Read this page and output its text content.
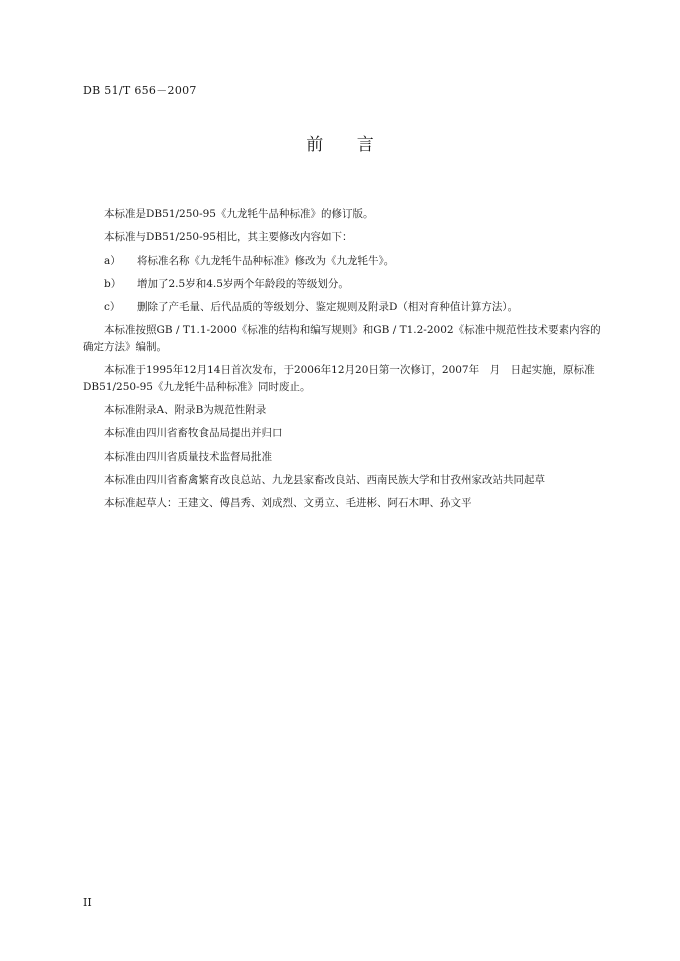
DB 51/T 656－2007
前 言

本标准是DB51/250-95《九龙牦牛品种标准》的修订版。

本标准与DB51/250-95相比，其主要修改内容如下：

a） 将标准名称《九龙牦牛品种标准》修改为《九龙牦牛》。
b） 增加了2.5岁和4.5岁两个年龄段的等级划分。
c） 删除了产毛量、后代品质的等级划分、鉴定规则及附录D（相对育种值计算方法）。

本标准按照GB / T1.1-2000《标准的结构和编写规则》和GB / T1.2-2002《标准中规范性技术要素内容的确定方法》编制。

本标准于1995年12月14日首次发布，于2006年12月20日第一次修订，2007年　月　日起实施，原标准DB51/250-95《九龙牦牛品种标准》同时废止。

本标准附录A、附录B为规范性附录

本标准由四川省畜牧食品局提出并归口

本标准由四川省质量技术监督局批准

本标准由四川省畜禽繁育改良总站、九龙县家畜改良站、西南民族大学和甘孜州家改站共同起草

本标准起草人：王建文、傅昌秀、刘成烈、文勇立、毛进彬、阿石木呷、孙文平

II
